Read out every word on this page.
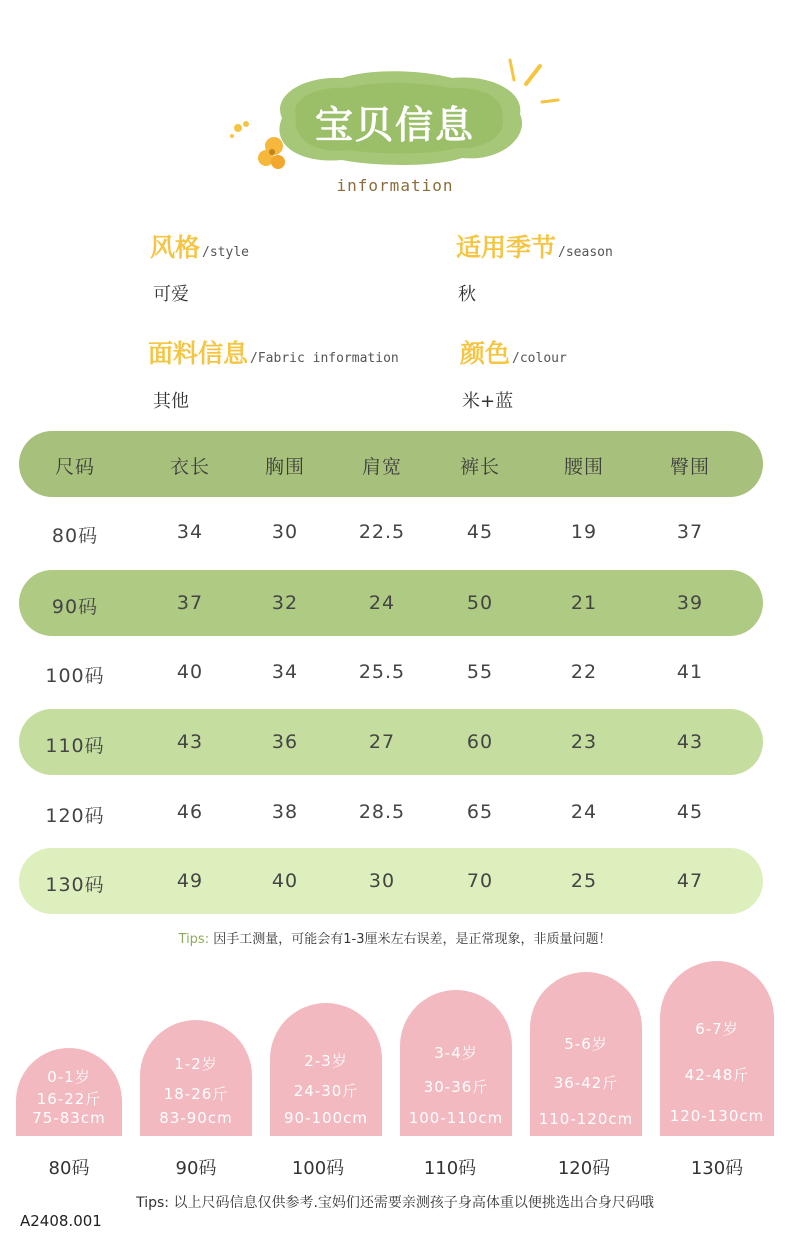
宝贝信息
information
风格 /style
可爱
适用季节 /season
秋
面料信息 /Fabric information
其他
颜色 /colour
米+蓝
尺码	衣长	胸围	肩宽	裤长	腰围	臀围
80码	34	30	22.5	45	19	37
90码	37	32	24	50	21	39
100码	40	34	25.5	55	22	41
110码	43	36	27	60	23	43
120码	46	38	28.5	65	24	45
130码	49	40	30	70	25	47
Tips: 因手工测量，可能会有1-3厘米左右误差，是正常现象，非质量问题！
0-1岁
16-22斤
75-83cm
1-2岁
18-26斤
83-90cm
2-3岁
24-30斤
90-100cm
3-4岁
30-36斤
100-110cm
5-6岁
36-42斤
110-120cm
6-7岁
42-48斤
120-130cm
80码	90码	100码	110码	120码	130码
Tips: 以上尺码信息仅供参考.宝妈们还需要亲测孩子身高体重以便挑选出合身尺码哦
A2408.001
